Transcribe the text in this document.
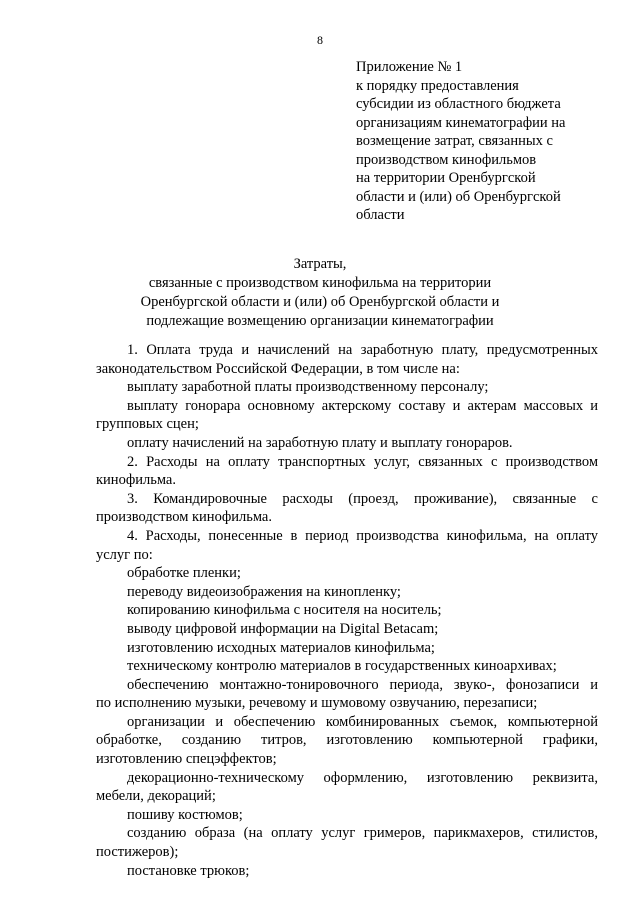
8
Приложение № 1
к порядку предоставления
субсидии из областного бюджета
организациям кинематографии на
возмещение затрат, связанных с
производством кинофильмов
на территории Оренбургской
области и (или) об Оренбургской
области
Затраты,
связанные с производством кинофильма на территории
Оренбургской области и (или) об Оренбургской области и
подлежащие возмещению организации кинематографии
1. Оплата труда и начислений на заработную плату, предусмотренных
законодательством Российской Федерации, в том числе на:
выплату заработной платы производственному персоналу;
выплату гонорара основному актерскому составу и актерам массовых и
групповых сцен;
оплату начислений на заработную плату и выплату гонораров.
2. Расходы на оплату транспортных услуг, связанных с производством
кинофильма.
3. Командировочные расходы (проезд, проживание), связанные с
производством кинофильма.
4. Расходы, понесенные в период производства кинофильма, на оплату
услуг по:
обработке пленки;
переводу видеоизображения на кинопленку;
копированию кинофильма с носителя на носитель;
выводу цифровой информации на Digital Betacam;
изготовлению исходных материалов кинофильма;
техническому контролю материалов в государственных киноархивах;
обеспечению монтажно-тонировочного периода, звуко-, фонозаписи и
по исполнению музыки, речевому и шумовому озвучанию, перезаписи;
организации и обеспечению комбинированных съемок, компьютерной
обработке, созданию титров, изготовлению компьютерной графики,
изготовлению спецэффектов;
декорационно-техническому оформлению, изготовлению реквизита,
мебели, декораций;
пошиву костюмов;
созданию образа (на оплату услуг гримеров, парикмахеров, стилистов,
постижеров);
постановке трюков;
